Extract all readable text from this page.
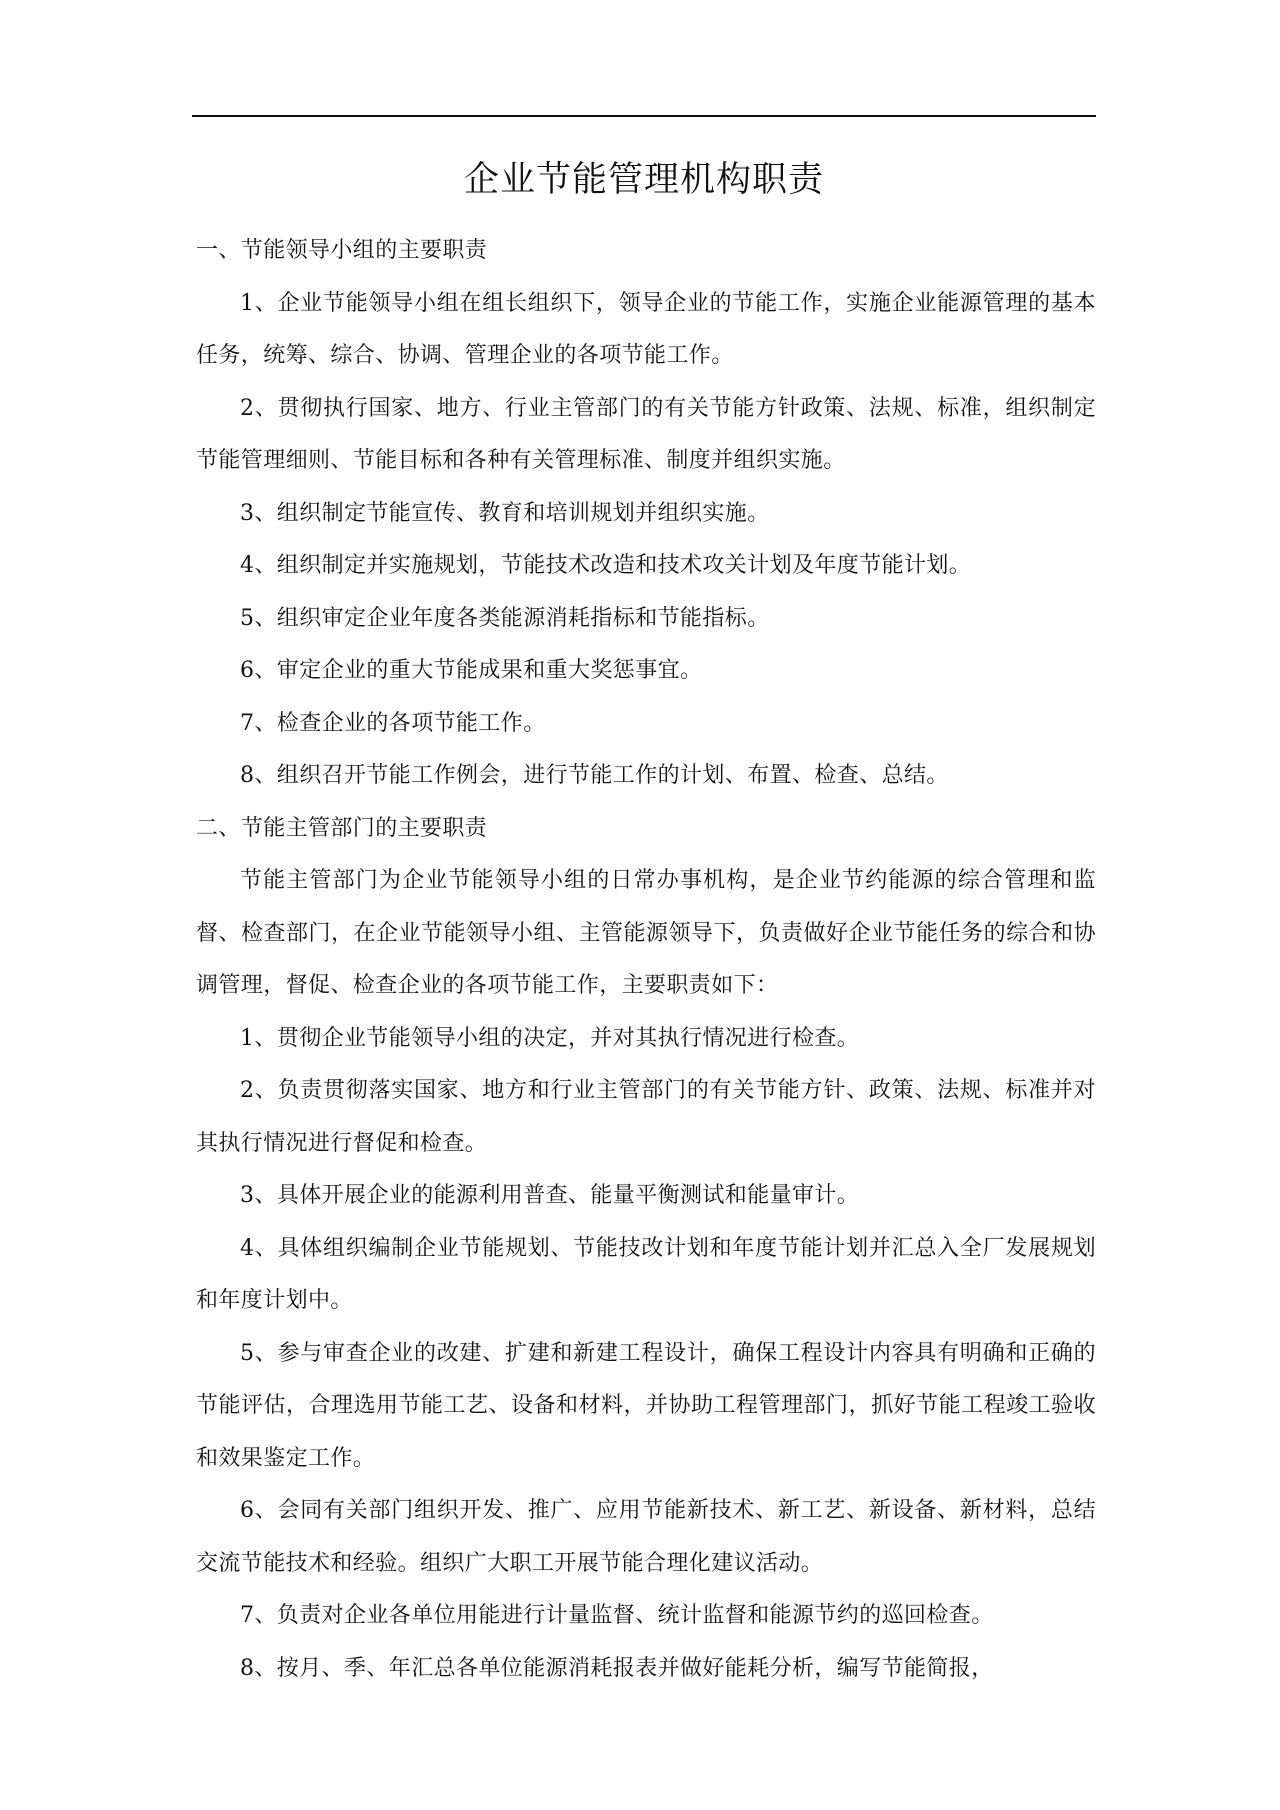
企业节能管理机构职责

一、节能领导小组的主要职责

1、企业节能领导小组在组长组织下，领导企业的节能工作，实施企业能源管理的基本任务，统筹、综合、协调、管理企业的各项节能工作。

2、贯彻执行国家、地方、行业主管部门的有关节能方针政策、法规、标准，组织制定节能管理细则、节能目标和各种有关管理标准、制度并组织实施。

3、组织制定节能宣传、教育和培训规划并组织实施。

4、组织制定并实施规划，节能技术改造和技术攻关计划及年度节能计划。

5、组织审定企业年度各类能源消耗指标和节能指标。

6、审定企业的重大节能成果和重大奖惩事宜。

7、检查企业的各项节能工作。

8、组织召开节能工作例会，进行节能工作的计划、布置、检查、总结。

二、节能主管部门的主要职责

节能主管部门为企业节能领导小组的日常办事机构，是企业节约能源的综合管理和监督、检查部门，在企业节能领导小组、主管能源领导下，负责做好企业节能任务的综合和协调管理，督促、检查企业的各项节能工作，主要职责如下：

1、贯彻企业节能领导小组的决定，并对其执行情况进行检查。

2、负责贯彻落实国家、地方和行业主管部门的有关节能方针、政策、法规、标准并对其执行情况进行督促和检查。

3、具体开展企业的能源利用普查、能量平衡测试和能量审计。

4、具体组织编制企业节能规划、节能技改计划和年度节能计划并汇总入全厂发展规划和年度计划中。

5、参与审查企业的改建、扩建和新建工程设计，确保工程设计内容具有明确和正确的节能评估，合理选用节能工艺、设备和材料，并协助工程管理部门，抓好节能工程竣工验收和效果鉴定工作。

6、会同有关部门组织开发、推广、应用节能新技术、新工艺、新设备、新材料，总结交流节能技术和经验。组织广大职工开展节能合理化建议活动。

7、负责对企业各单位用能进行计量监督、统计监督和能源节约的巡回检查。

8、按月、季、年汇总各单位能源消耗报表并做好能耗分析，编写节能简报，
